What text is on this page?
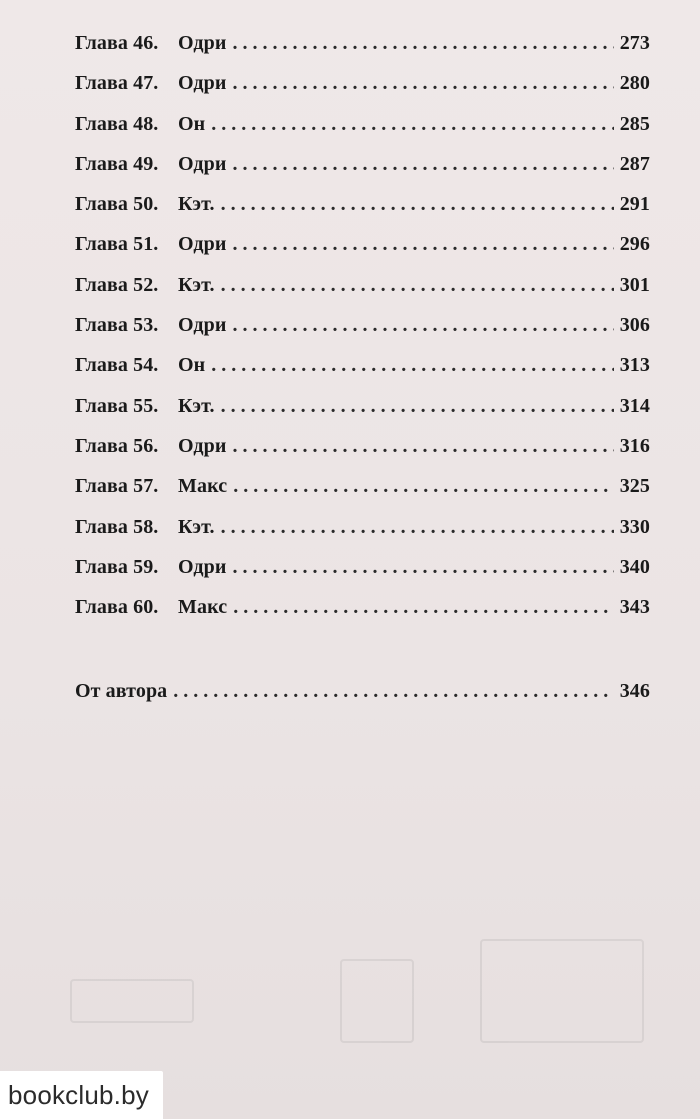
Глава 46. Одри . . .	273
Глава 47. Одри . . .	280
Глава 48. Он . . .	285
Глава 49. Одри . . .	287
Глава 50. Кэт. . . .	291
Глава 51. Одри . . .	296
Глава 52. Кэт. . . .	301
Глава 53. Одри . . .	306
Глава 54. Он . . .	313
Глава 55. Кэт. . . .	314
Глава 56. Одри . . .	316
Глава 57. Макс . . .	325
Глава 58. Кэт. . . .	330
Глава 59. Одри . . .	340
Глава 60. Макс . . .	343
От автора . . .	346
bookclub.by
